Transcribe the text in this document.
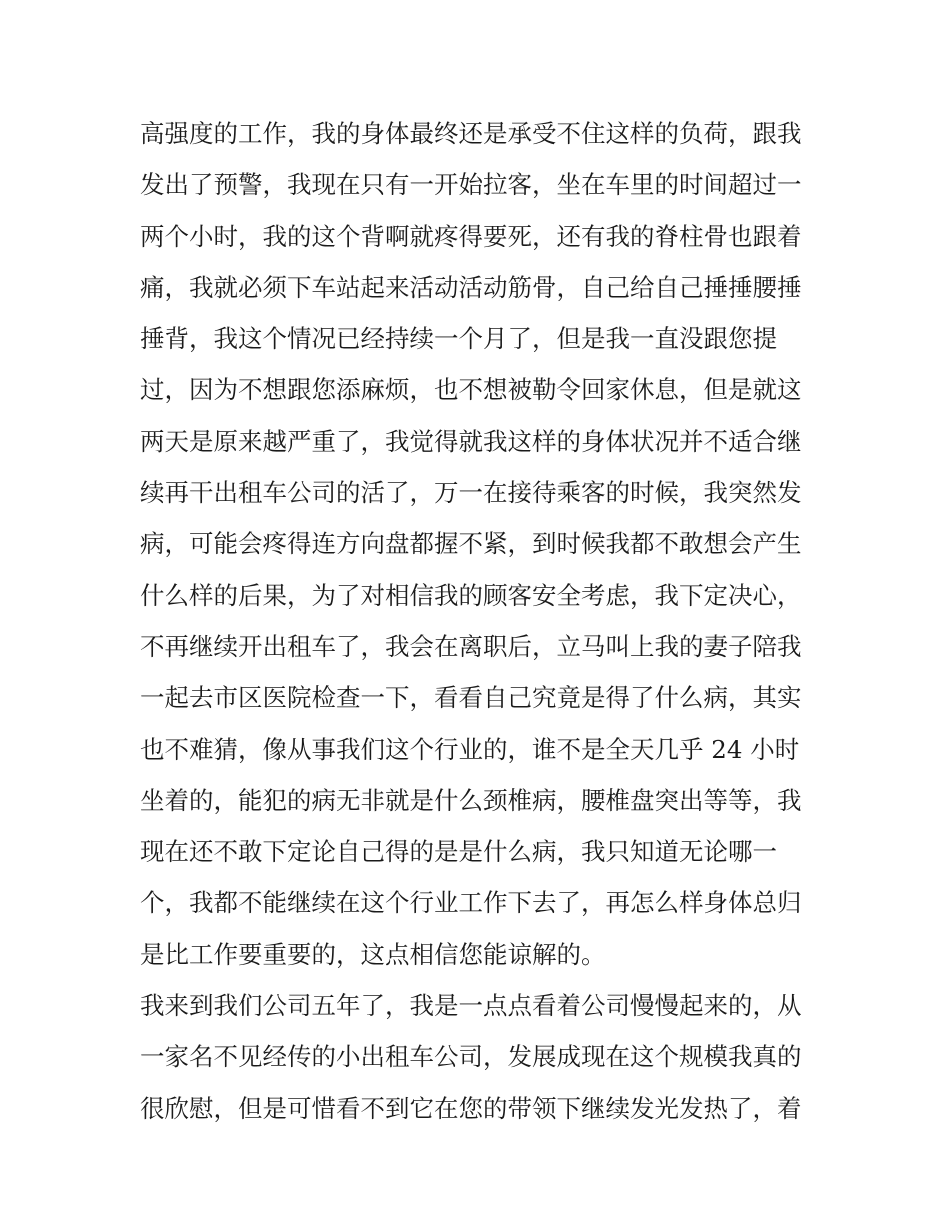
高强度的工作，我的身体最终还是承受不住这样的负荷，跟我
发出了预警，我现在只有一开始拉客，坐在车里的时间超过一
两个小时，我的这个背啊就疼得要死，还有我的脊柱骨也跟着
痛，我就必须下车站起来活动活动筋骨，自己给自己捶捶腰捶
捶背，我这个情况已经持续一个月了，但是我一直没跟您提
过，因为不想跟您添麻烦，也不想被勒令回家休息，但是就这
两天是原来越严重了，我觉得就我这样的身体状况并不适合继
续再干出租车公司的活了，万一在接待乘客的时候，我突然发
病，可能会疼得连方向盘都握不紧，到时候我都不敢想会产生
什么样的后果，为了对相信我的顾客安全考虑，我下定决心，
不再继续开出租车了，我会在离职后，立马叫上我的妻子陪我
一起去市区医院检查一下，看看自己究竟是得了什么病，其实
也不难猜，像从事我们这个行业的，谁不是全天几乎 24 小时
坐着的，能犯的病无非就是什么颈椎病，腰椎盘突出等等，我
现在还不敢下定论自己得的是是什么病，我只知道无论哪一
个，我都不能继续在这个行业工作下去了，再怎么样身体总归
是比工作要重要的，这点相信您能谅解的。
我来到我们公司五年了，我是一点点看着公司慢慢起来的，从
一家名不见经传的小出租车公司，发展成现在这个规模我真的
很欣慰，但是可惜看不到它在您的带领下继续发光发热了，着
